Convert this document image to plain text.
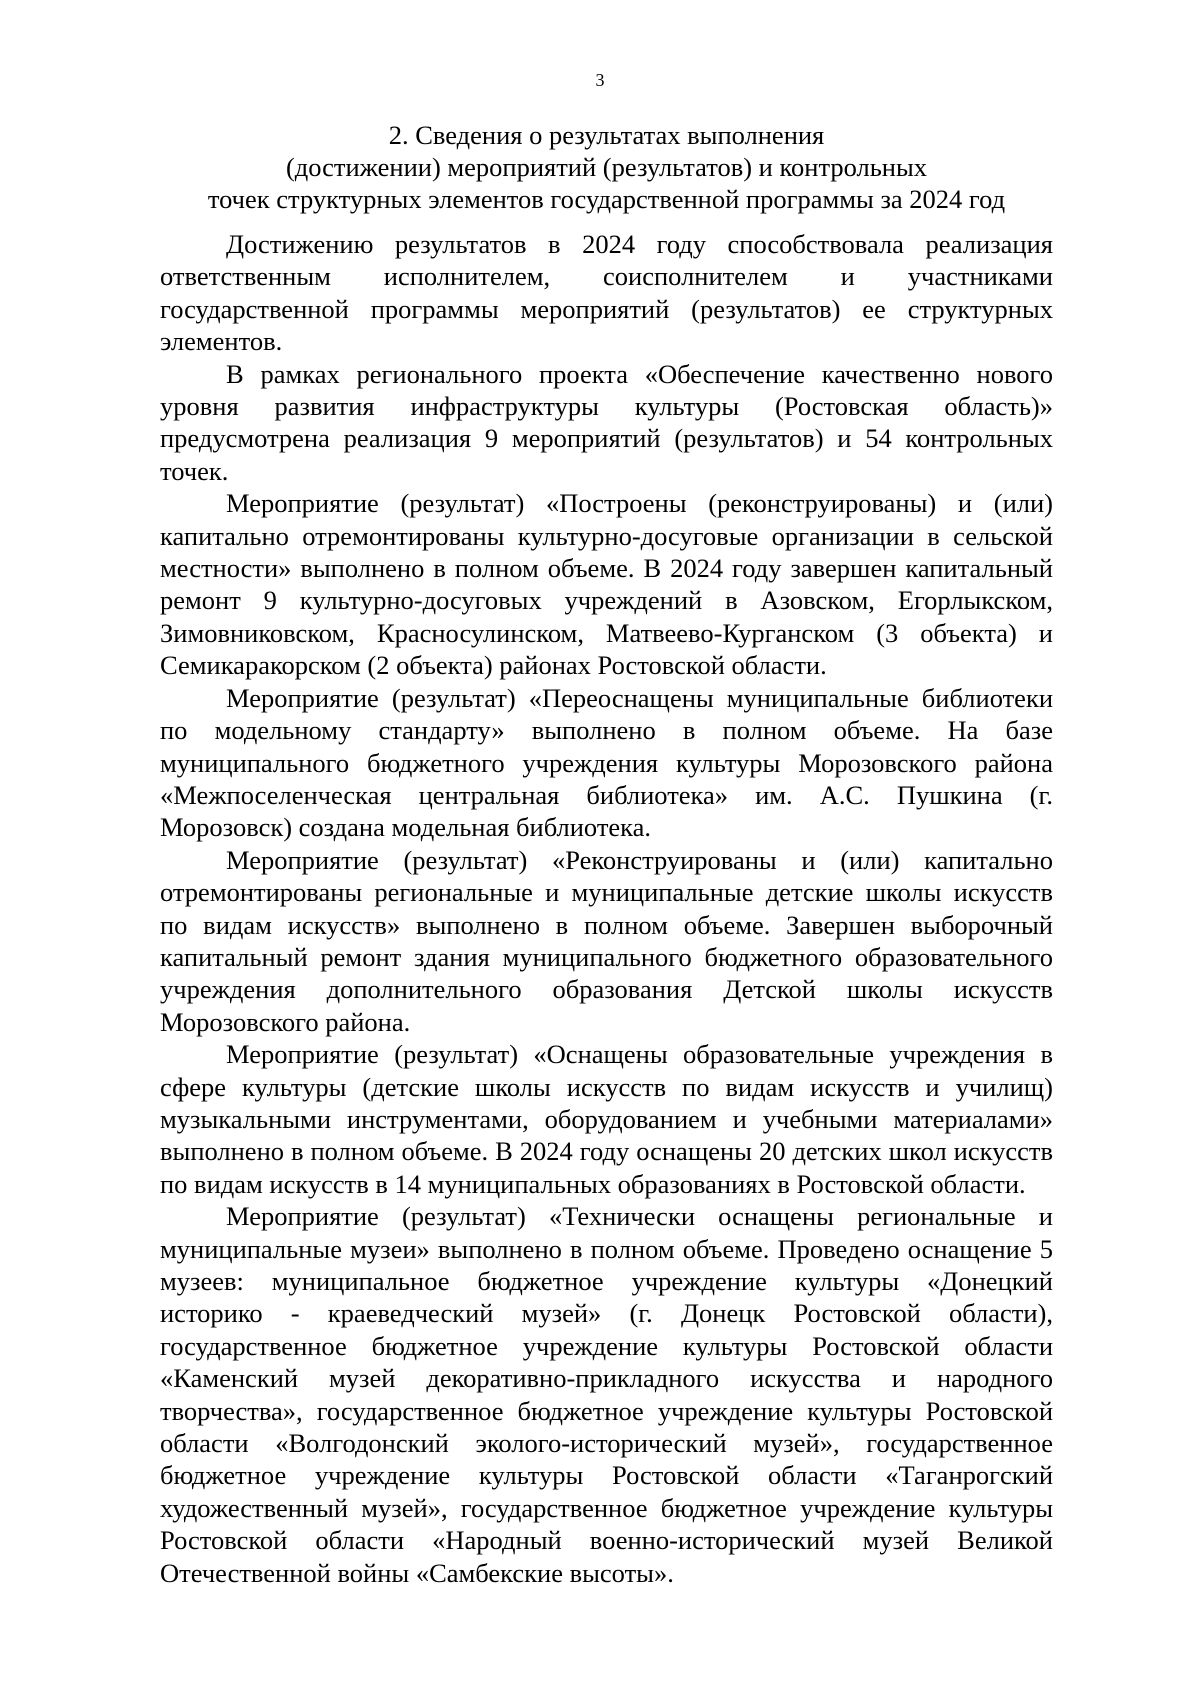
3
2. Сведения о результатах выполнения
(достижении) мероприятий (результатов) и контрольных
точек структурных элементов государственной программы за 2024 год

Достижению результатов в 2024 году способствовала реализация ответственным исполнителем, соисполнителем и участниками государственной программы мероприятий (результатов) ее структурных элементов.

В рамках регионального проекта «Обеспечение качественно нового уровня развития инфраструктуры культуры (Ростовская область)» предусмотрена реализация 9 мероприятий (результатов) и 54 контрольных точек.

Мероприятие (результат) «Построены (реконструированы) и (или) капитально отремонтированы культурно-досуговые организации в сельской местности» выполнено в полном объеме. В 2024 году завершен капитальный ремонт 9 культурно-досуговых учреждений в Азовском, Егорлыкском, Зимовниковском, Красносулинском, Матвеево-Курганском (3 объекта) и Семикаракорском (2 объекта) районах Ростовской области.

Мероприятие (результат) «Переоснащены муниципальные библиотеки по модельному стандарту» выполнено в полном объеме. На базе муниципального бюджетного учреждения культуры Морозовского района «Межпоселенческая центральная библиотека» им. А.С. Пушкина (г. Морозовск) создана модельная библиотека.

Мероприятие (результат) «Реконструированы и (или) капитально отремонтированы региональные и муниципальные детские школы искусств по видам искусств» выполнено в полном объеме. Завершен выборочный капитальный ремонт здания муниципального бюджетного образовательного учреждения дополнительного образования Детской школы искусств Морозовского района.

Мероприятие (результат) «Оснащены образовательные учреждения в сфере культуры (детские школы искусств по видам искусств и училищ) музыкальными инструментами, оборудованием и учебными материалами» выполнено в полном объеме. В 2024 году оснащены 20 детских школ искусств по видам искусств в 14 муниципальных образованиях в Ростовской области.

Мероприятие (результат) «Технически оснащены региональные и муниципальные музеи» выполнено в полном объеме. Проведено оснащение 5 музеев: муниципальное бюджетное учреждение культуры «Донецкий историко - краеведческий музей» (г. Донецк Ростовской области), государственное бюджетное учреждение культуры Ростовской области «Каменский музей декоративно-прикладного искусства и народного творчества», государственное бюджетное учреждение культуры Ростовской области «Волгодонский эколого-исторический музей», государственное бюджетное учреждение культуры Ростовской области «Таганрогский художественный музей», государственное бюджетное учреждение культуры Ростовской области «Народный военно-исторический музей Великой Отечественной войны «Самбекские высоты».
